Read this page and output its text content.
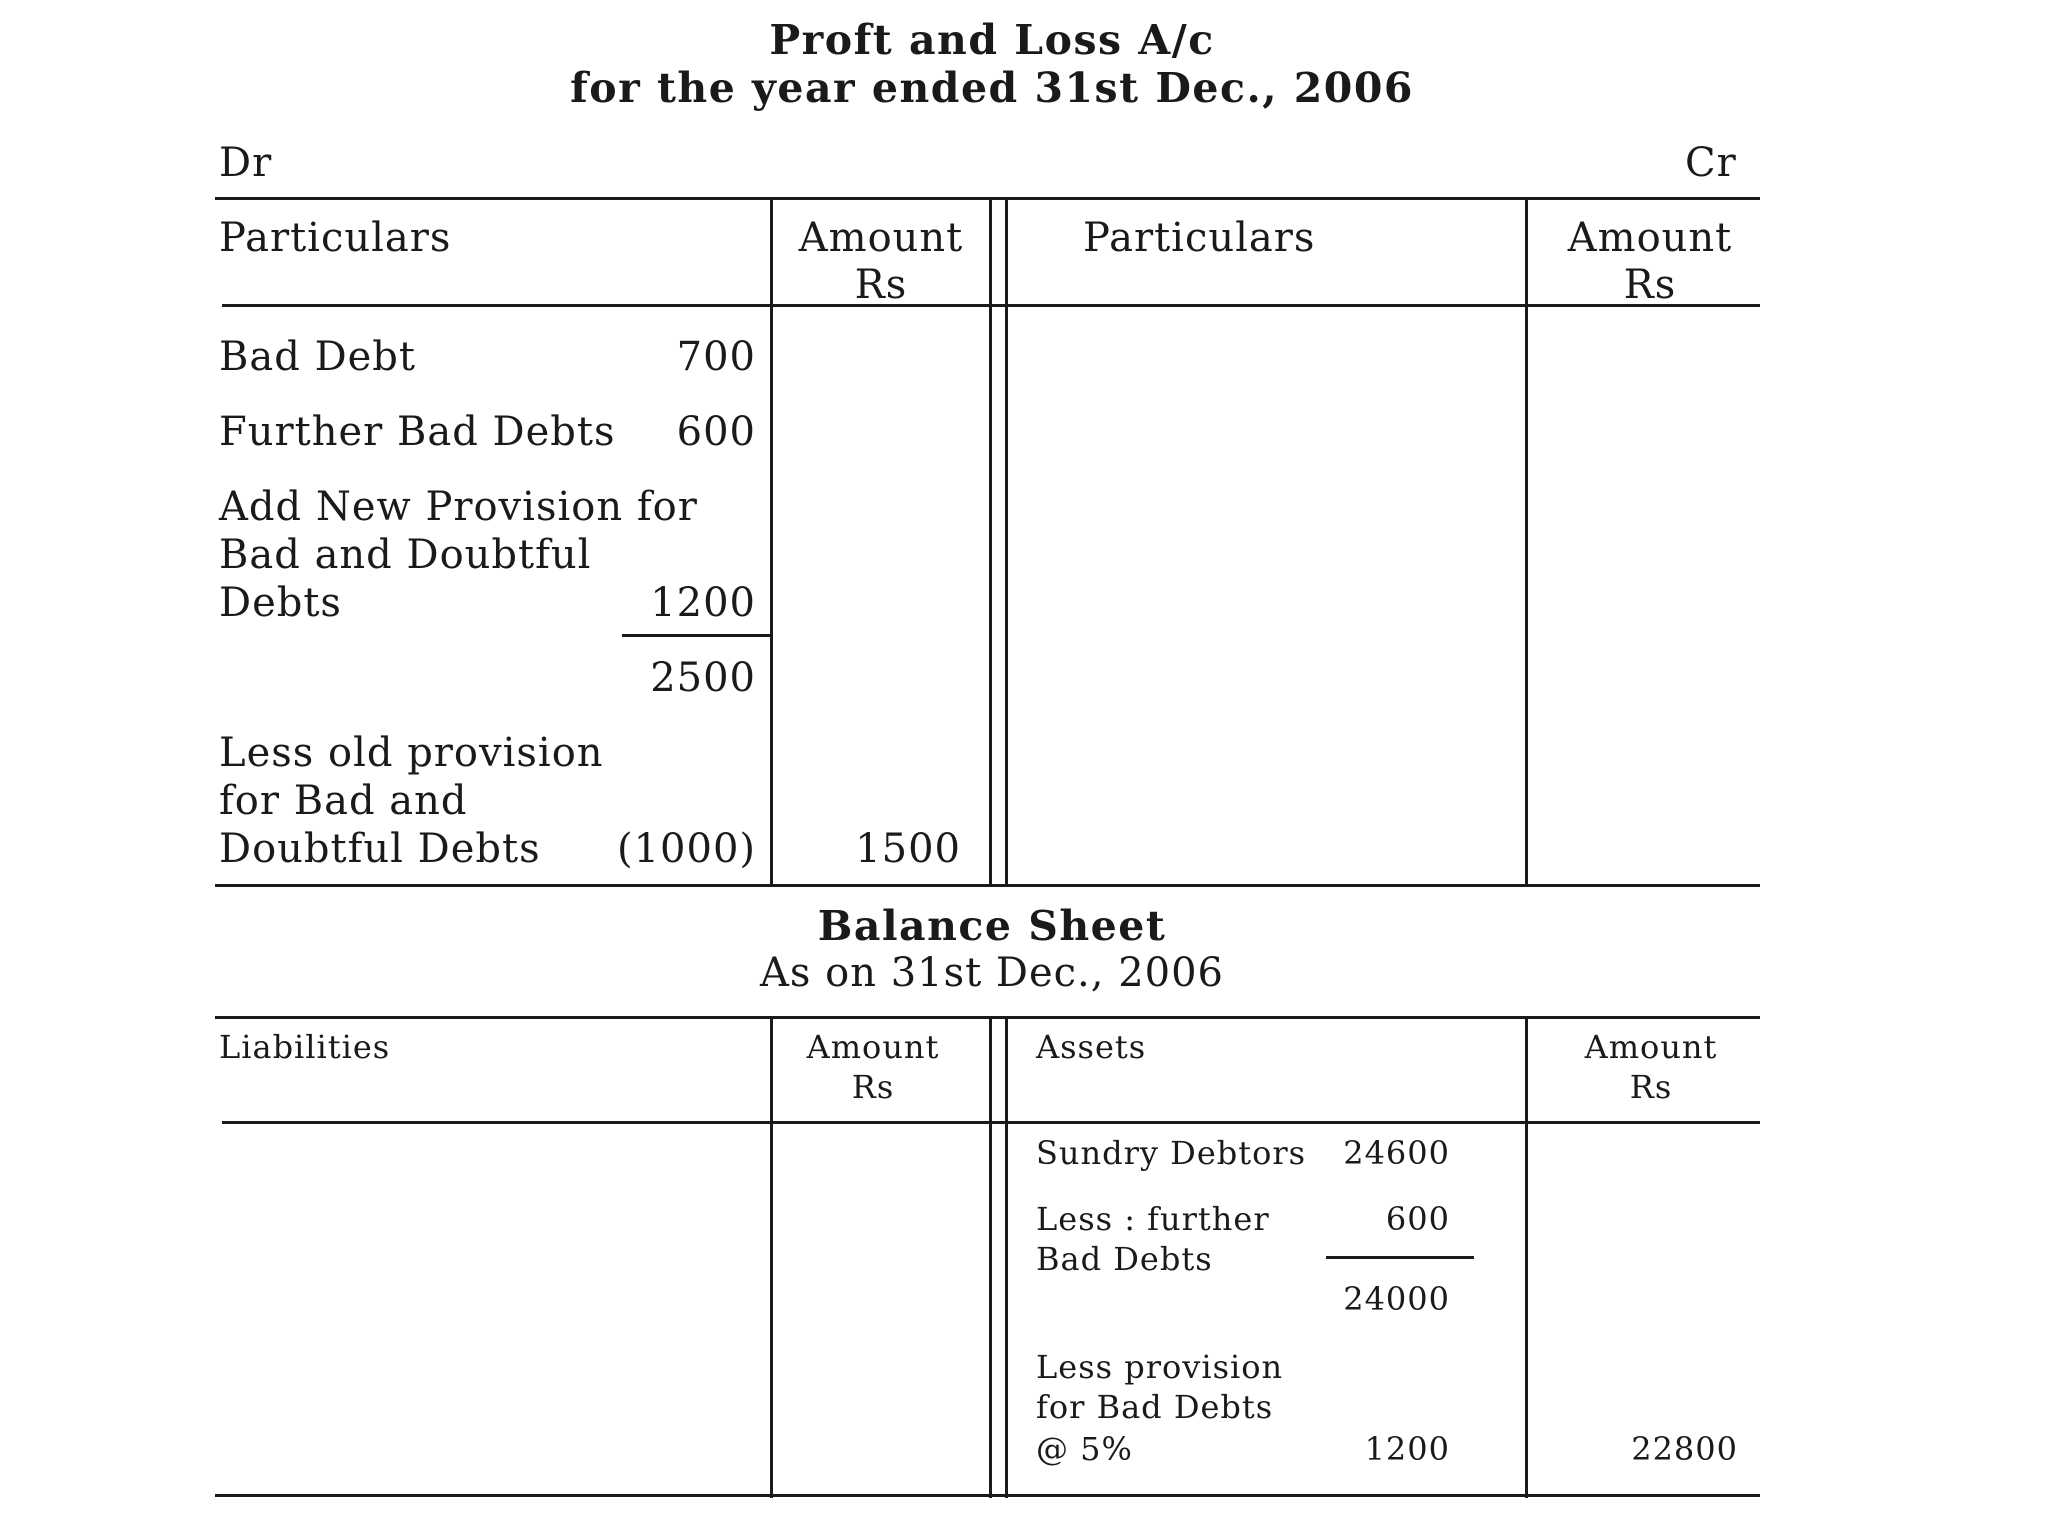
Proft and Loss A/c
for the year ended 31st Dec., 2006
Dr	Cr
Particulars	Amount
Rs
Particulars	Amount
Rs
Bad Debt	700
Further Bad Debts	600
Add New Provision for
Bad and Doubtful
Debts	1200
2500
Less old provision
for Bad and
Doubtful Debts	(1000)	1500
Balance Sheet
As on 31st Dec., 2006
Liabilities	Amount
Rs
Assets	Amount
Rs
Sundry Debtors	24600
Less : further
Bad Debts
600
24000
Less provision
for Bad Debts
@ 5%	1200	22800
